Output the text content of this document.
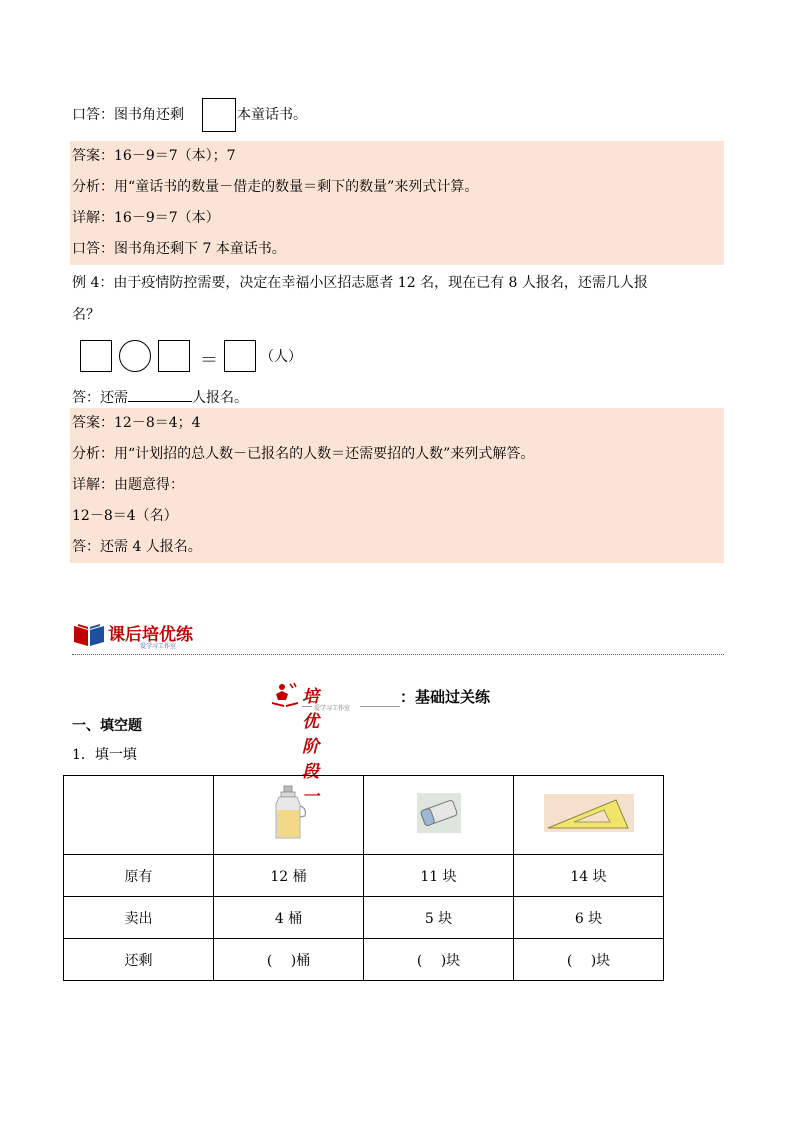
口答：图书角还剩	本童话书。
答案：16－9＝7（本）；7
分析：用“童话书的数量－借走的数量＝剩下的数量”来列式计算。
详解：16－9＝7（本）
口答：图书角还剩下 7 本童话书。
例 4：由于疫情防控需要，决定在幸福小区招志愿者 12 名，现在已有 8 人报名，还需几人报
名？
＝	（人）
答：还需	人报名。
答案：12－8＝4；4
分析：用“计划招的总人数－已报名的人数＝还需要招的人数”来列式解答。
详解：由题意得：
12－8＝4（名）
答：还需 4 人报名。
课后培优练
爱学习工作室
培优阶段一
爱学习工作室
：基础过关练
一、填空题
1．填一填

原有	12 桶	11 块	14 块
卖出	4 桶	5 块	6 块
还剩	(　 )桶	(　 )块	(　 )块
